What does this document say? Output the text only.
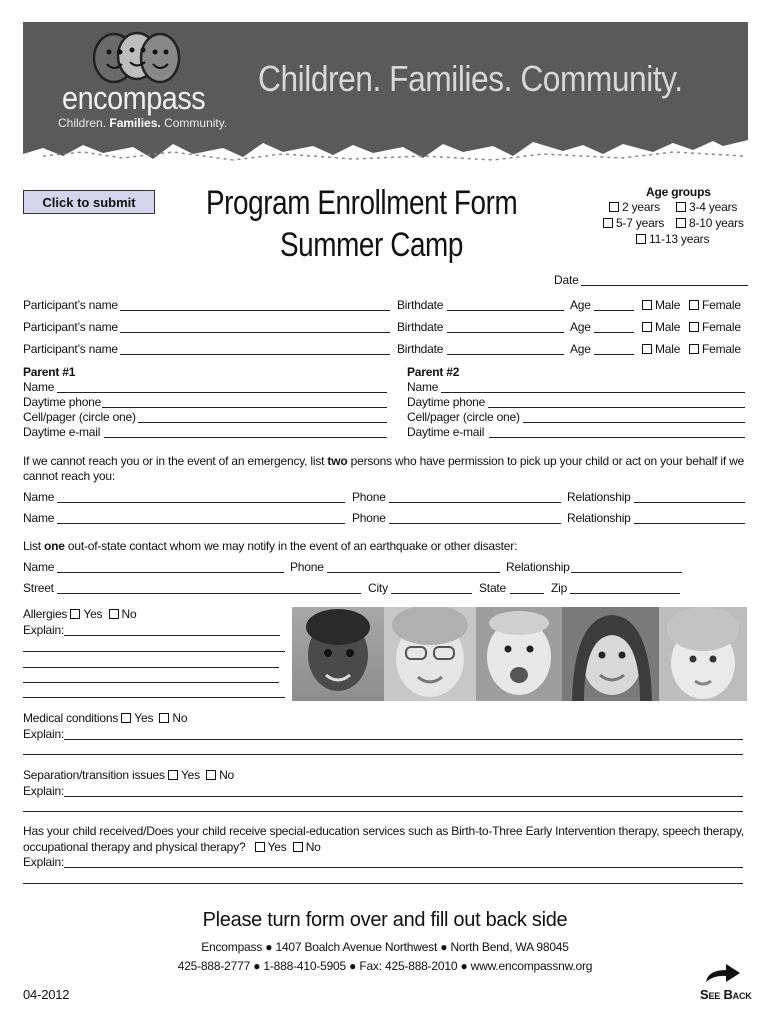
encompass
Children. Families. Community.
Children. Families. Community.
Click to submit	Program Enrollment Form
Summer Camp
Age groups
2 years	3-4 years
5-7 years	8-10 years
11-13 years
Date
Participant’s name	Birthdate	Age	Male	Female
Participant’s name	Birthdate	Age	Male	Female
Participant’s name	Birthdate	Age	Male	Female
Parent #1	Parent #2
Name	Name
Daytime phone	Daytime phone
Cell/pager (circle one)	Cell/pager (circle one)
Daytime e-mail	Daytime e-mail
If we cannot reach you or in the event of an emergency, list two persons who have permission to pick up your child or act on your behalf if we
cannot reach you:
Name	Phone	Relationship
Name	Phone	Relationship
List one out-of-state contact whom we may notify in the event of an earthquake or other disaster:
Name	Phone	Relationship
Street	City	State	Zip
Allergies Yes No
Explain:
Medical conditions Yes No
Explain:
Separation/transition issues Yes No
Explain:
Has your child received/Does your child receive special-education services such as Birth-to-Three Early Intervention therapy, speech therapy,
occupational therapy and physical therapy? Yes No
Explain:
Please turn form over and fill out back side
Encompass ● 1407 Boalch Avenue Northwest ● North Bend, WA 98045
425-888-2777 ● 1-888-410-5905 ● Fax: 425-888-2010 ● www.encompassnw.org
04-2012	See Back
